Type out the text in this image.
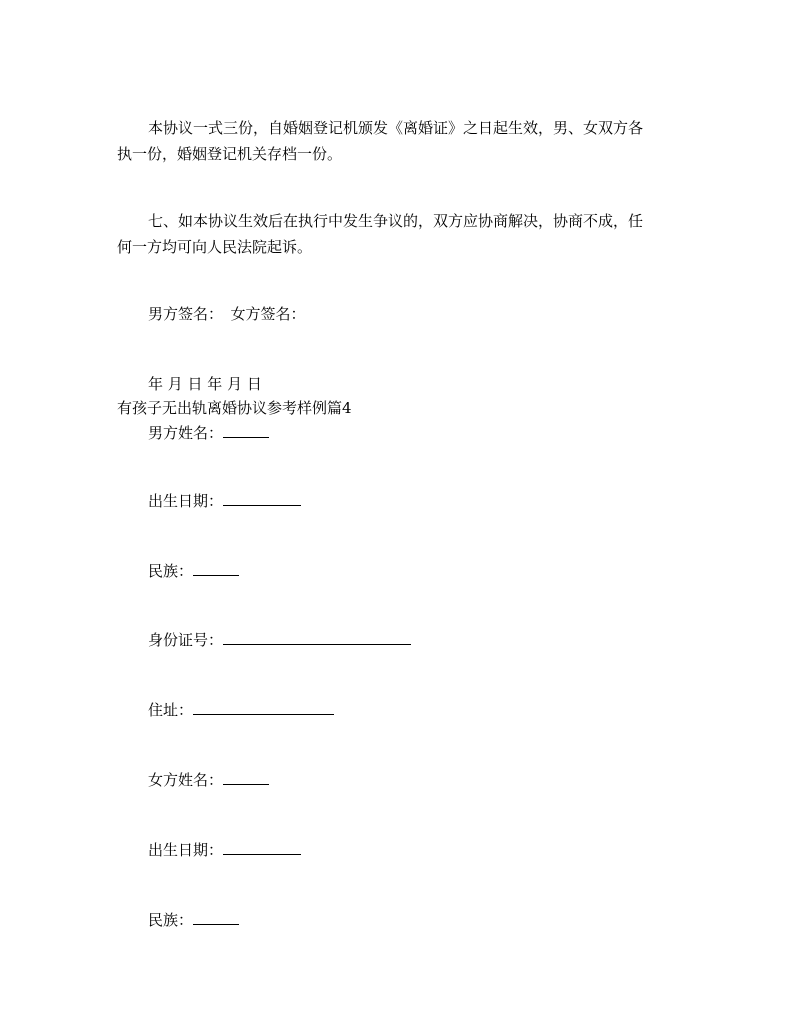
本协议一式三份，自婚姻登记机颁发《离婚证》之日起生效，男、女双方各
执一份，婚姻登记机关存档一份。
七、如本协议生效后在执行中发生争议的，双方应协商解决，协商不成，任
何一方均可向人民法院起诉。
男方签名：　女方签名：
年 月 日 年 月 日
有孩子无出轨离婚协议参考样例篇4
男方姓名：
出生日期：
民族：
身份证号：
住址：
女方姓名：
出生日期：
民族：
